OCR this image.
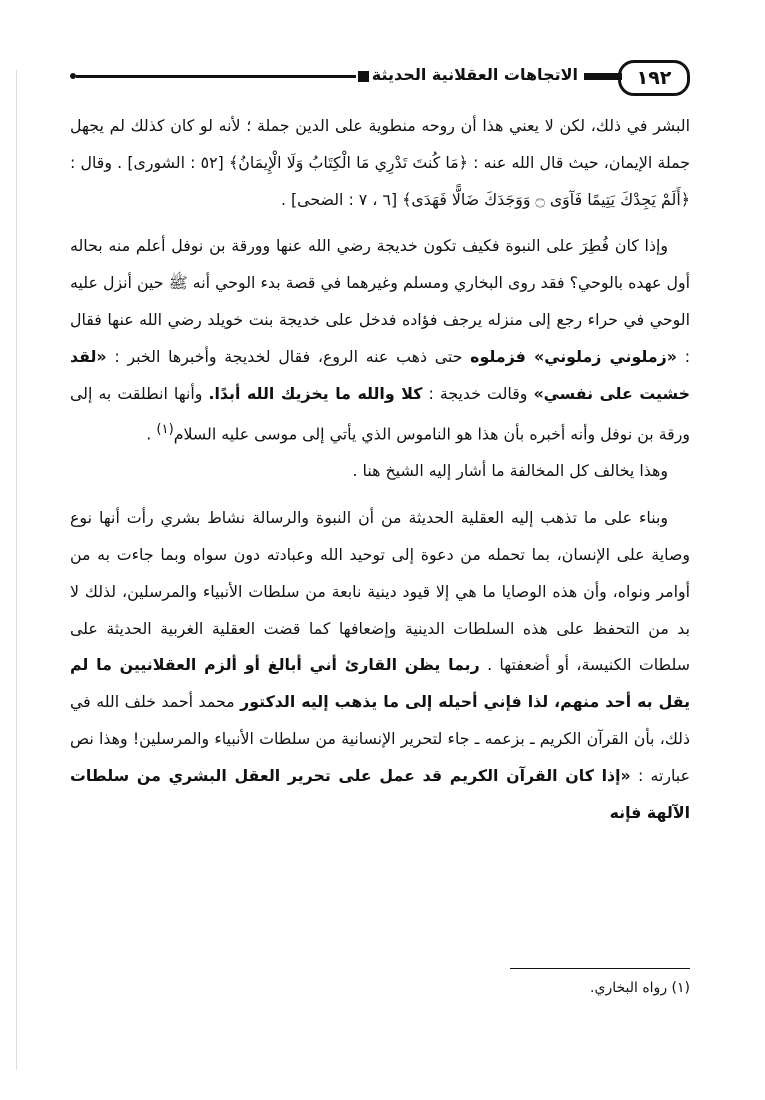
١٩٢
الاتجاهات العقلانية الحديثة

البشر في ذلك، لكن لا يعني هذا أن روحه منطوية على الدين جملة ؛ لأنه لو كان كذلك لم يجهل جملة الإيمان، حيث قال الله عنه : ﴿مَا كُنتَ تَدْرِي مَا الْكِتَابُ وَلَا الْإِيمَانُ﴾ [٥٢ : الشورى] . وقال : ﴿أَلَمْ يَجِدْكَ يَتِيمًا فَآوَى ۝ وَوَجَدَكَ ضَالًّا فَهَدَى﴾ [٦ ، ٧ : الضحى] .

وإذا كان فُطِرَ على النبوة فكيف تكون خديجة رضي الله عنها وورقة بن نوفل أعلم منه بحاله أول عهده بالوحي؟ فقد روى البخاري ومسلم وغيرهما في قصة بدء الوحي أنه ﷺ حين أنزل عليه الوحي في حراء رجع إلى منزله يرجف فؤاده فدخل على خديجة بنت خويلد رضي الله عنها فقال : «زملوني زملوني» فزملوه حتى ذهب عنه الروع، فقال لخديجة وأخبرها الخبر : «لقد خشيت على نفسي» وقالت خديجة : كلا والله ما يخزيك الله أبدًا. وأنها انطلقت به إلى ورقة بن نوفل وأنه أخبره بأن هذا هو الناموس الذي يأتي إلى موسى عليه السلام$^{(١)}$ .

وهذا يخالف كل المخالفة ما أشار إليه الشيخ هنا .

وبناء على ما تذهب إليه العقلية الحديثة من أن النبوة والرسالة نشاط بشري رأت أنها نوع وصاية على الإنسان، بما تحمله من دعوة إلى توحيد الله وعبادته دون سواه وبما جاءت به من أوامر ونواه، وأن هذه الوصايا ما هي إلا قيود دينية نابعة من سلطات الأنبياء والمرسلين، لذلك لا بد من التحفظ على هذه السلطات الدينية وإضعافها كما قضت العقلية الغربية الحديثة على سلطات الكنيسة، أو أضعفتها . ربما يظن القارئ أني أبالغ أو ألزم العقلانيين ما لم يقل به أحد منهم، لذا فإني أحيله إلى ما يذهب إليه الدكتور محمد أحمد خلف الله في ذلك، بأن القرآن الكريم ـ بزعمه ـ جاء لتحرير الإنسانية من سلطات الأنبياء والمرسلين! وهذا نص عبارته : «إذا كان القرآن الكريم قد عمل على تحرير العقل البشري من سلطات الآلهة فإنه

(١) رواه البخاري.
